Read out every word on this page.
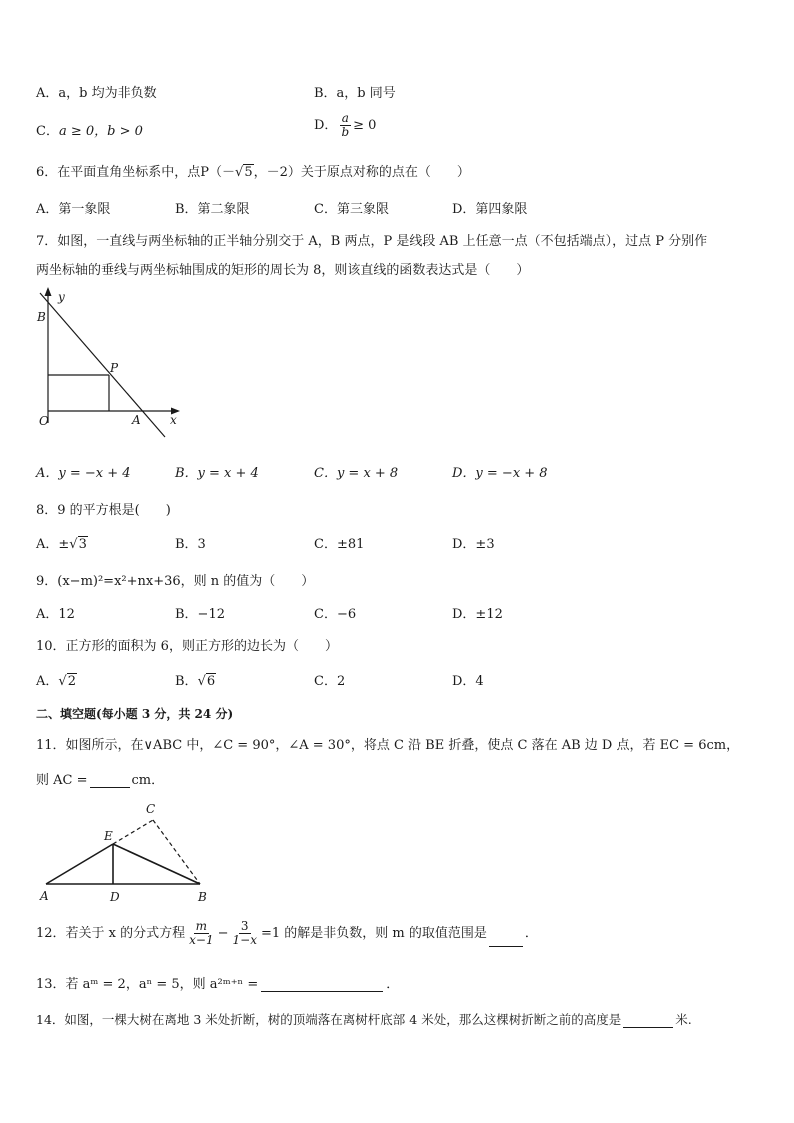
A．a，b 均为非负数	B．a，b 同号
C．a ≥ 0，b > 0	D． $\frac{a}{b} \ge 0$
6．在平面直角坐标系中，点P（－√5，－2）关于原点对称的点在（　　）
A．第一象限	B．第二象限	C．第三象限	D．第四象限
7．如图，一直线与两坐标轴的正半轴分别交于 A，B 两点，P 是线段 AB 上任意一点（不包括端点），过点 P 分别作
两坐标轴的垂线与两坐标轴围成的矩形的周长为 8，则该直线的函数表达式是（　　）
y
B
P
O	A x
A．y = −x + 4	B．y = x + 4	C．y = x + 8	D．y = −x + 8
8．9 的平方根是(　　)
A．±√3	B．3	C．±81	D．±3
9．(x−m)²=x²+nx+36，则 n 的值为（　　）
A．12	B．−12	C．−6	D．±12
10．正方形的面积为 6，则正方形的边长为（　　）
A．√2	B．√6	C．2	D．4
二、填空题(每小题 3 分，共 24 分)
11．如图所示，在∨ABC 中，∠C = 90°，∠A = 30°，将点 C 沿 BE 折叠，使点 C 落在 AB 边 D 点，若 EC = 6cm，
则 AC =	cm．
C
E
A	D	B
12．若关于 x 的分式方程 $\frac{m}{x-1} - \frac{3}{1-x} =1$ 的解是非负数，则 m 的取值范围是	．
13．若 aᵐ = 2，aⁿ = 5，则 a²ᵐ⁺ⁿ =	．
14．如图，一棵大树在离地 3 米处折断，树的顶端落在离树杆底部 4 米处，那么这棵树折断之前的高度是	米.
